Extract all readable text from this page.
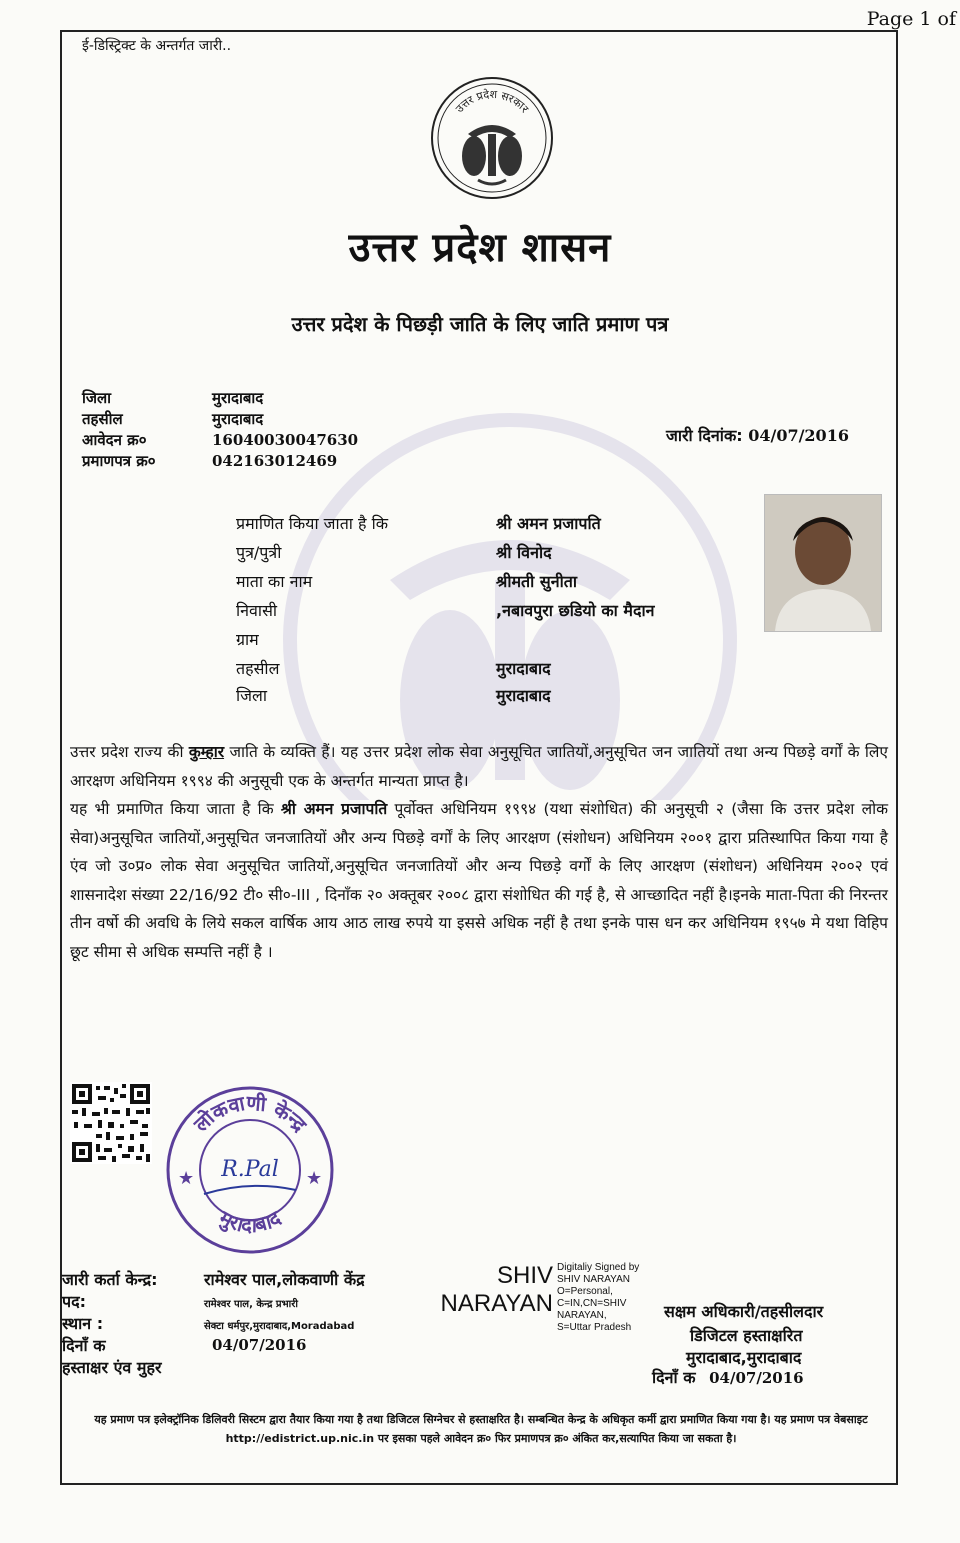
Page 1 of
ई-डिस्ट्रिक्ट के अन्तर्गत जारी..
उत्तर प्रदेश सरकार
उत्तर प्रदेश शासन
उत्तर प्रदेश के पिछड़ी जाति के लिए जाति प्रमाण पत्र
जिला	मुरादाबाद
तहसील	मुरादाबाद
आवेदन क्र०	16040030047630
प्रमाणपत्र क्र०	042163012469
जारी दिनांक: 04/07/2016
प्रमाणित किया जाता है कि	श्री अमन प्रजापति
पुत्र/पुत्री	श्री विनोद
माता का नाम	श्रीमती सुनीता
निवासी	,नबावपुरा छडियो का मैदान
ग्राम
तहसील	मुरादाबाद
जिला	मुरादाबाद
उत्तर प्रदेश राज्य की कुम्हार जाति के व्यक्ति हैं। यह उत्तर प्रदेश लोक सेवा अनुसूचित जातियों,अनुसूचित जन जातियों तथा अन्य पिछड़े वर्गों के लिए आरक्षण अधिनियम १९९४ की अनुसूची एक के अन्तर्गत मान्यता प्राप्त है।
यह भी प्रमाणित किया जाता है कि श्री अमन प्रजापति पूर्वोक्त अधिनियम १९९४ (यथा संशोधित) की अनुसूची २ (जैसा कि उत्तर प्रदेश लोक सेवा)अनुसूचित जातियों,अनुसूचित जनजातियों और अन्य पिछड़े वर्गों के लिए आरक्षण (संशोधन) अधिनियम २००१ द्वारा प्रतिस्थापित किया गया है एंव जो उ०प्र० लोक सेवा अनुसूचित जातियों,अनुसूचित जनजातियों और अन्य पिछड़े वर्गों के लिए आरक्षण (संशोधन) अधिनियम २००२ एवं शासनादेश संख्या 22/16/92 टी० सी०-III , दिनाँक २० अक्तूबर २००८ द्वारा संशोधित की गई है, से आच्छादित नहीं है।इनके माता-पिता की निरन्तर तीन वर्षो की अवधि के लिये सकल वार्षिक आय आठ लाख रुपये या इससे अधिक नहीं है तथा इनके पास धन कर अधिनियम १९५७ मे यथा विहिप छूट सीमा से अधिक सम्पत्ति नहीं है ।
लोकवाणी केन्द्र
मुरादाबाद
★	★
R.Pal
जारी कर्ता केन्द्र:	रामेश्वर पाल,लोकवाणी केंद्र
पद:	रामेश्वर पाल, केन्द्र प्रभारी
स्थान :	सेक्टा धर्मपुर,मुरादाबाद,Moradabad
दिनाँ क	04/07/2016
हस्ताक्षर एंव मुहर
SHIV
NARAYAN
Digitaliy Signed by
SHIV NARAYAN
O=Personal,
C=IN,CN=SHIV
NARAYAN,
S=Uttar Pradesh
सक्षम अधिकारी/तहसीलदार
डिजिटल हस्ताक्षरित
मुरादाबाद,मुरादाबाद
दिनाँ क 04/07/2016
यह प्रमाण पत्र इलेक्ट्रॉनिक डिलिवरी सिस्टम द्वारा तैयार किया गया है तथा डिजिटल सिग्नेचर से हस्ताक्षरित है। सम्बन्धित केन्द्र के अधिकृत कर्मी द्वारा प्रमाणित किया गया है। यह प्रमाण पत्र वेबसाइट http://edistrict.up.nic.in पर इसका पहले आवेदन क्र० फिर प्रमाणपत्र क्र० अंकित कर,सत्यापित किया जा सकता है।
